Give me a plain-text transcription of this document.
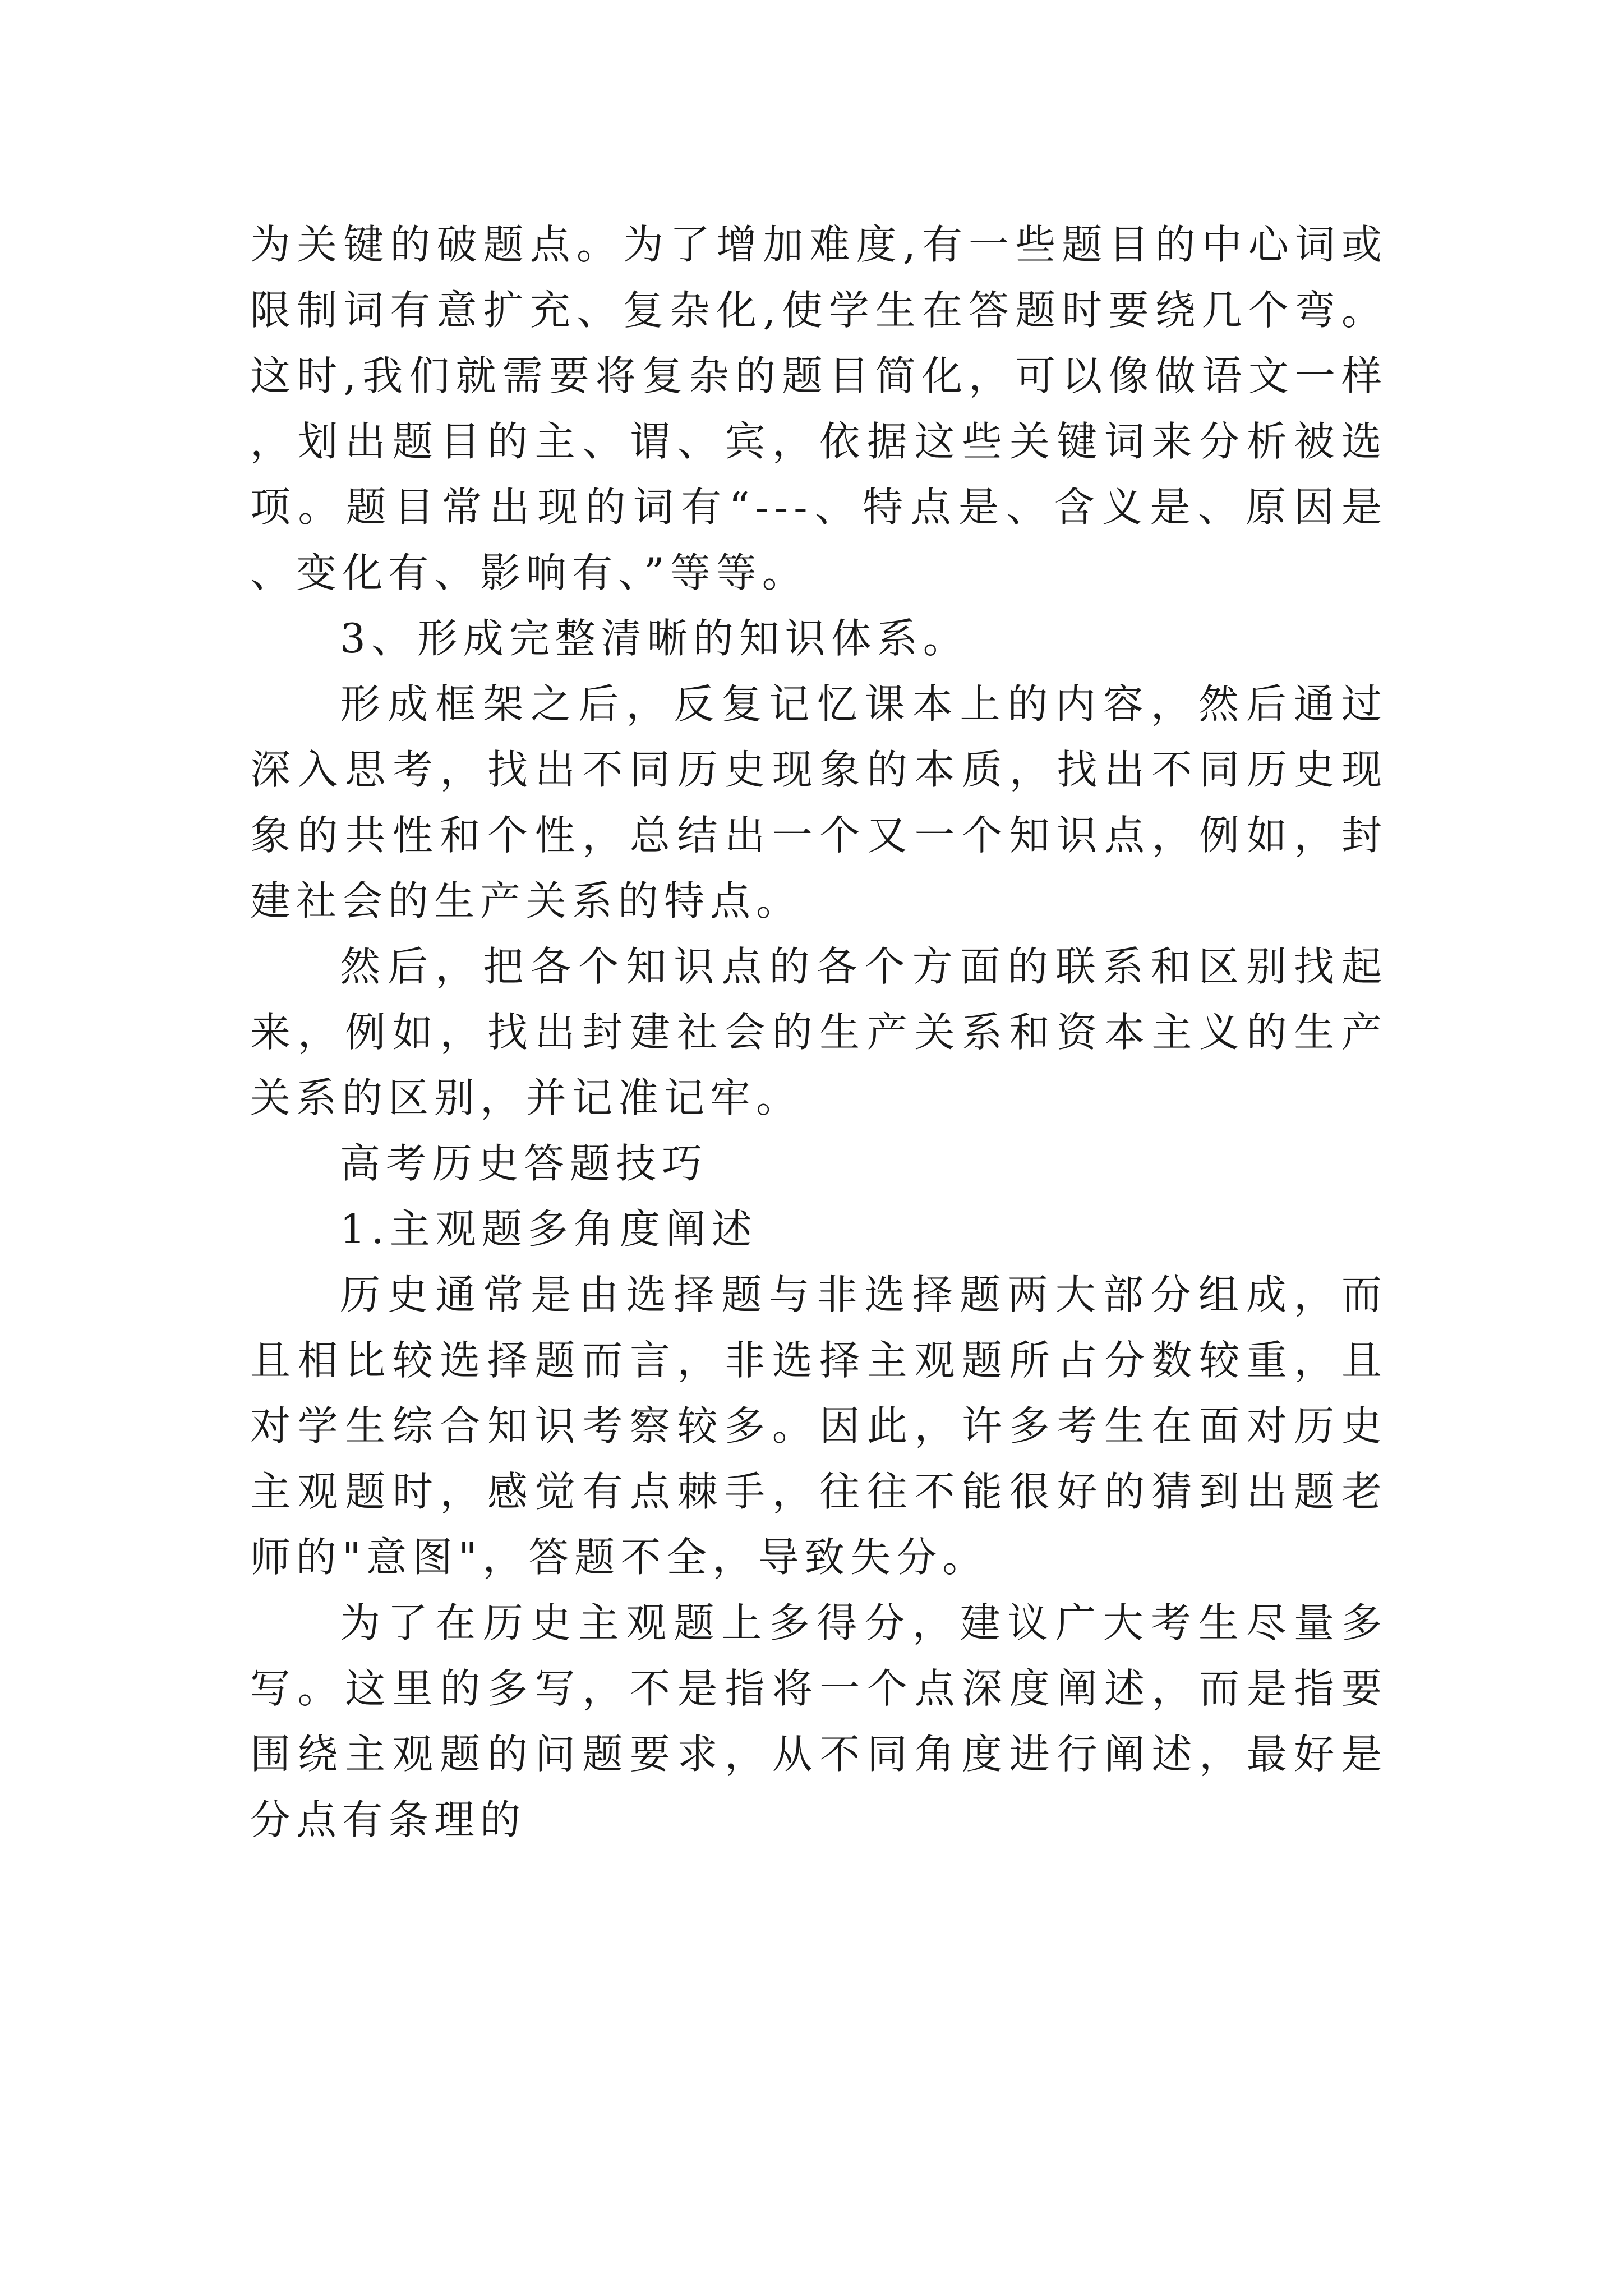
为关键的破题点。为了增加难度,有一些题目的中心词或限制词有意扩充、复杂化,使学生在答题时要绕几个弯。这时,我们就需要将复杂的题目简化，可以像做语文一样，划出题目的主、谓、宾，依据这些关键词来分析被选项。题目常出现的词有“---、特点是、含义是、原因是、变化有、影响有、”等等。

3、形成完整清晰的知识体系。

形成框架之后，反复记忆课本上的内容，然后通过深入思考，找出不同历史现象的本质，找出不同历史现象的共性和个性，总结出一个又一个知识点，例如，封建社会的生产关系的特点。

然后，把各个知识点的各个方面的联系和区别找起来，例如，找出封建社会的生产关系和资本主义的生产关系的区别，并记准记牢。

高考历史答题技巧

1.主观题多角度阐述

历史通常是由选择题与非选择题两大部分组成，而且相比较选择题而言，非选择主观题所占分数较重，且对学生综合知识考察较多。因此，许多考生在面对历史主观题时，感觉有点棘手，往往不能很好的猜到出题老师的"意图"，答题不全，导致失分。

为了在历史主观题上多得分，建议广大考生尽量多写。这里的多写，不是指将一个点深度阐述，而是指要围绕主观题的问题要求，从不同角度进行阐述，最好是分点有条理的
